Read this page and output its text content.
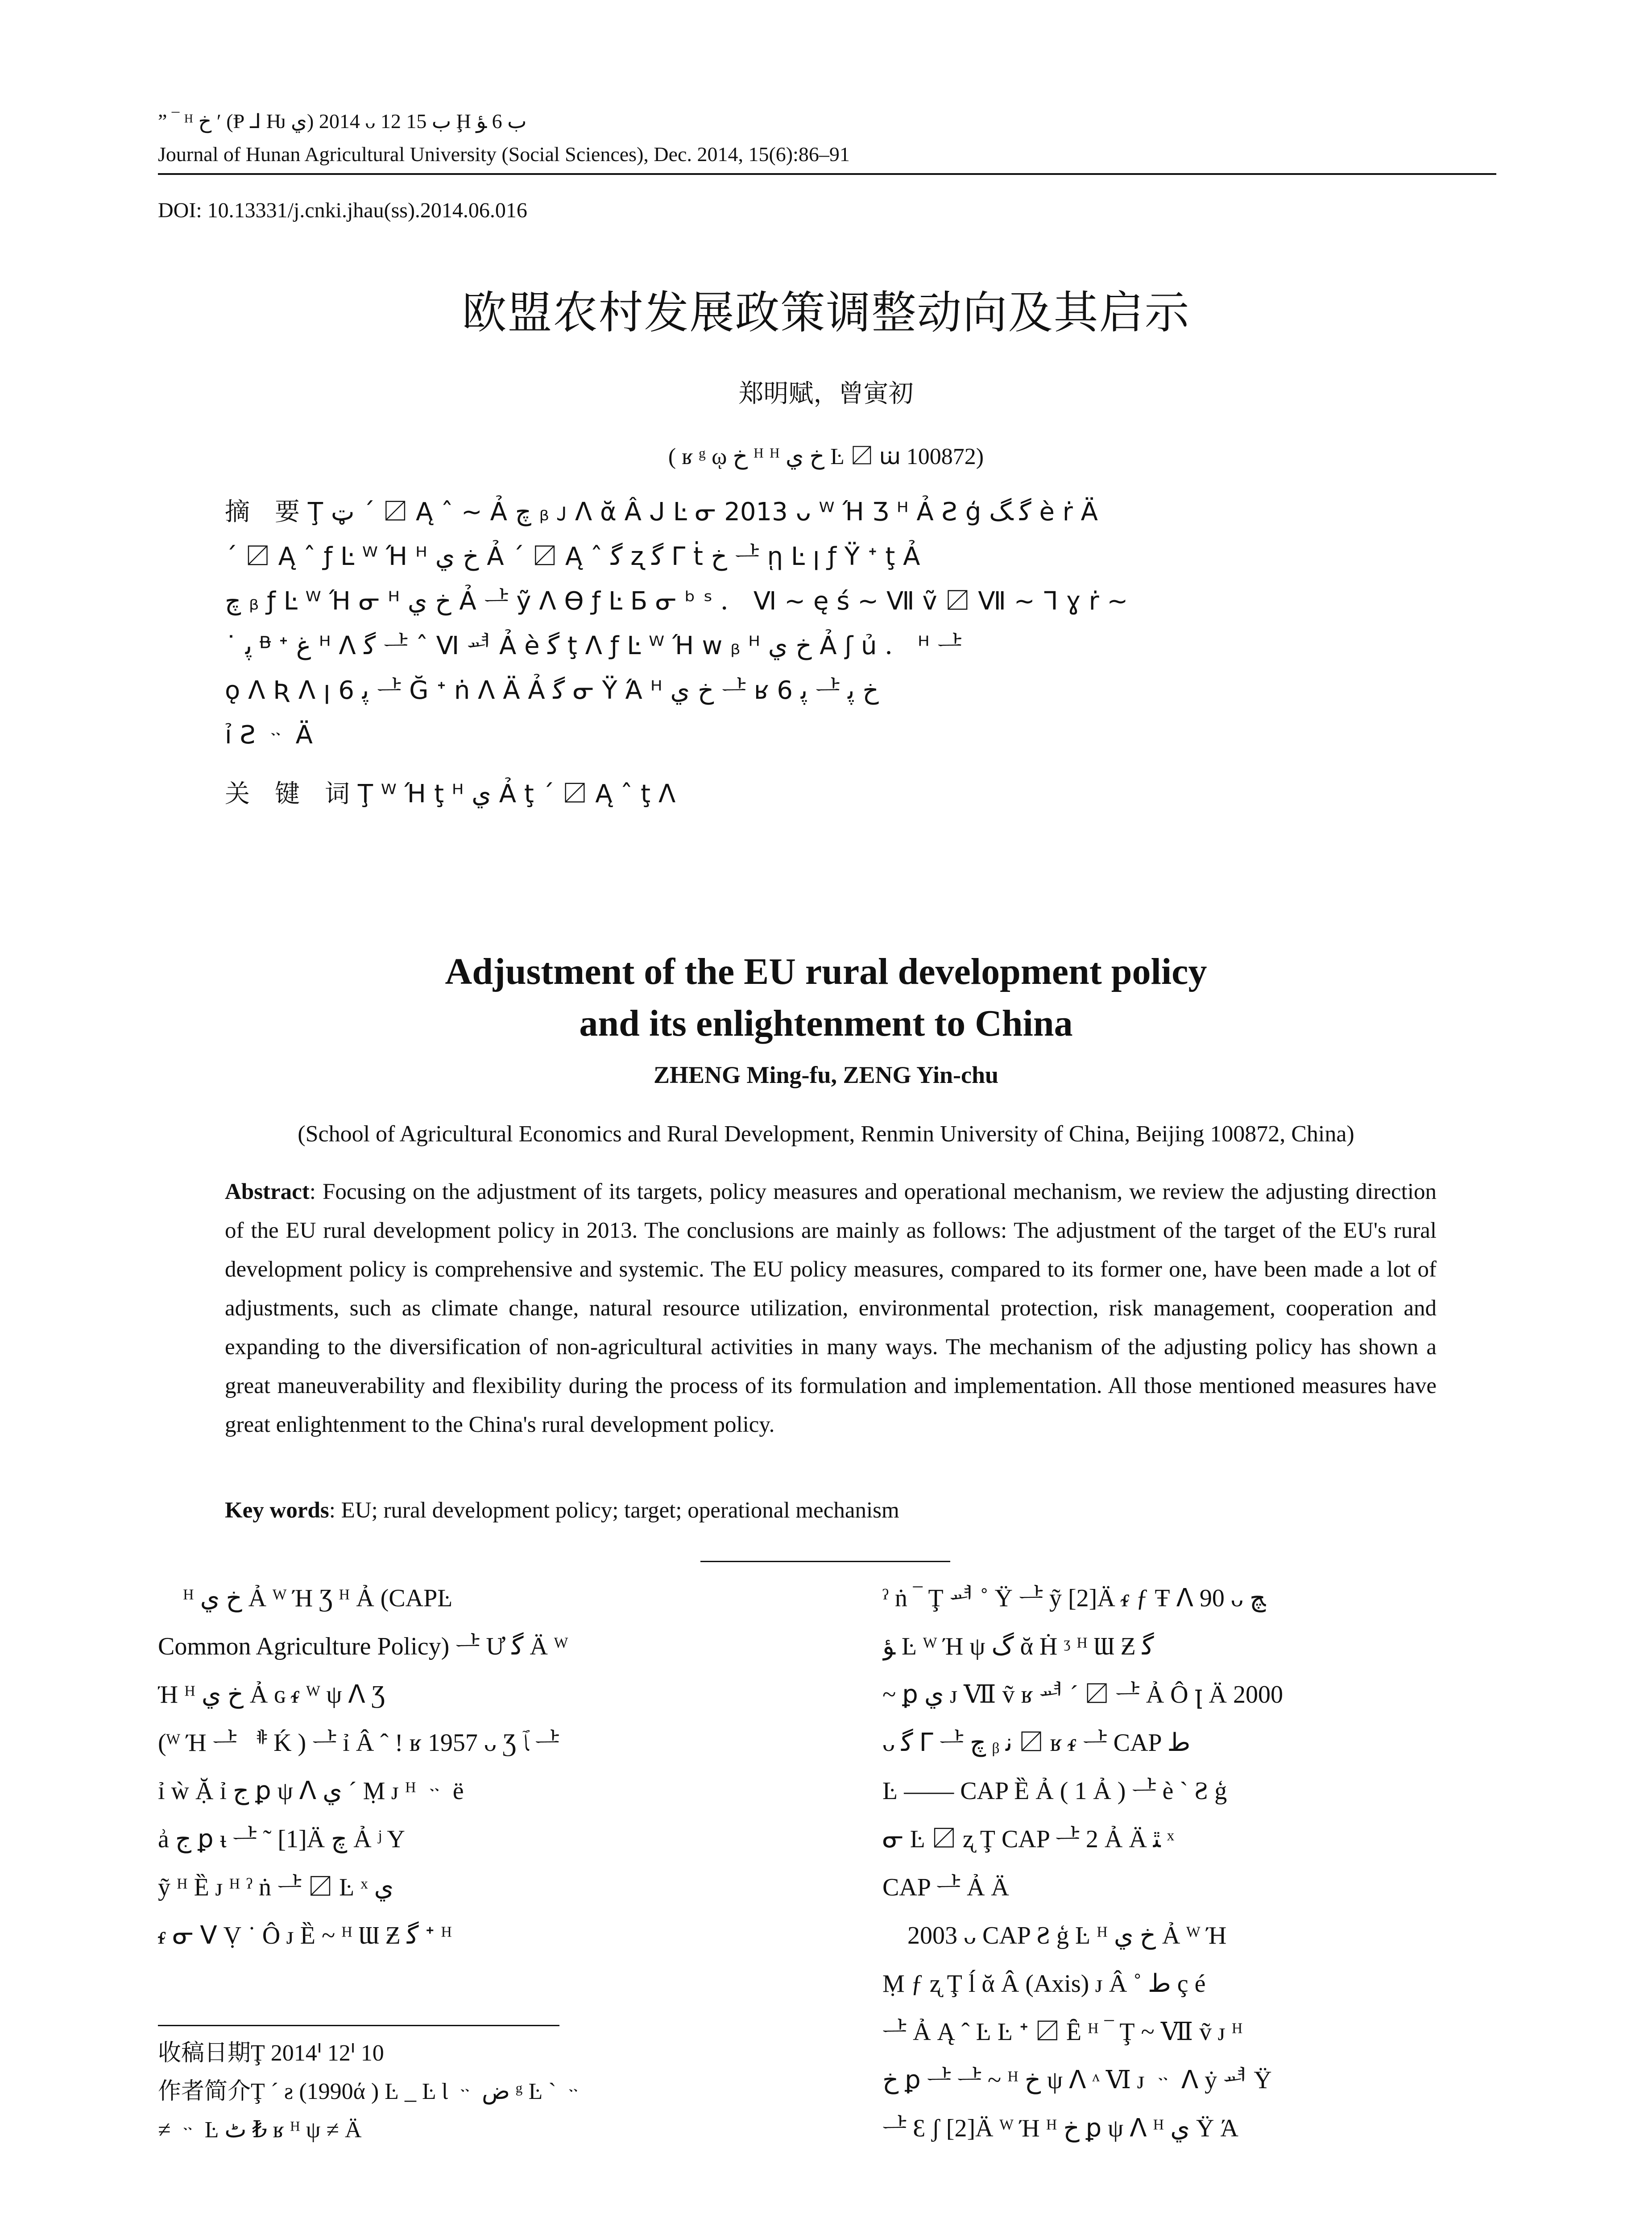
” ‾ ᴴ ﺥ ʹ (Ᵽ ⅃ Ƕ ﻱ) 2014 ᴗ 12 ﺏ 15 Ḩ ﺏ 6 ﺆ
Journal of Hunan Agricultural University (Social Sciences), Dec. 2014, 15(6):86–91
DOI: 10.13331/j.cnki.jhau(ss).2014.06.016
欧盟农村发展政策调整动向及其启示
郑明赋，曾寅初
( ʁ ᵍ ῳ ﺥ ᴴ ᴴ ﺥ ﻱ Ŀ 〼 ꭐ 100872)
摘　要 Ţ ټ ˊ 〼 Ą ˆ ~ Ả ﭺ ᵦ ᴊ ᐱ ᾰ Â ᒍ Ŀ ᓂ 2013 ᴗ ᵂ Ή Ʒ ᴴ Ả Ƨ ģ ﮔ ﮓ è ṙ Ä
ˊ 〼 Ą ˆ ƒ Ŀ ᵂ Ή ᴴ ﺥ ﻱ Ả ˊ 〼 Ą ˆ ﮔ ʐ ﮔ ᒥ ṫ ﺥ ᆣ ῃ Ŀ ꞁ ƒ Ÿ ᐩ ţ Ả
ﭺ ᵦ ƒ Ŀ ᵂ Ή ᓂ ᴴ ﺥ ﻱ Ả ᆣ ỹ ᐱ Ɵ ƒ Ŀ Ƃ ᓂ ᵇ ˢ ． Ⅵ ~ ę ś ~ Ⅶ ṽ 〼 Ⅶ ~ ᒣ ɣ ṙ ~
˙ ﭘ ᴯ ᐩ ﻍ ᴴ ᐱ ﮔ ᆣ ˆ Ⅵ ᆆ Ả è ﮔ ţ ᐱ ƒ Ŀ ᵂ Ή ᴡ ᵦ ᴴ ﺥ ﻱ Ả ʃ ủ ． ᴴ ᆣ
ǫ ᐱ Ʀ ᐱ ꞁ 6 ﭘ ᆣ Ğ ᐩ ṅ ᐱ Ä Ả ﮔ ᓂ Ÿ Ά ᴴ ﺥ ﻱ ᆣ ʁ 6 ﭘ ᆣ ﺥ ﭘ
ỉ Ƨ ᆢ Ä
关　键　词 Ţ ᵂ Ή ţ ᴴ ﻱ Ả ţ ˊ 〼 Ą ˆ ţ ᐱ
Adjustment of the EU rural development policy
and its enlightenment to China
ZHENG Ming-fu, ZENG Yin-chu
(School of Agricultural Economics and Rural Development, Renmin University of China, Beijing 100872, China)
Abstract: Focusing on the adjustment of its targets, policy measures and operational mechanism, we review the adjusting direction of the EU rural development policy in 2013. The conclusions are mainly as follows: The adjustment of the target of the EU's rural development policy is comprehensive and systemic. The EU policy measures, compared to its former one, have been made a lot of adjustments, such as climate change, natural resource utilization, environmental protection, risk management, cooperation and expanding to the diversification of non-agricultural activities in many ways. The mechanism of the adjusting policy has shown a great maneuverability and flexibility during the process of its formulation and implementation. All those mentioned measures have great enlightenment to the China's rural development policy.
Key words: EU; rural development policy; target; operational mechanism
　ᴴ ﺥ ﻱ Ả ᵂ Ή Ʒ ᴴ Ả (CAPĿ
Common Agriculture Policy) ᆣ Ư ﮔ Ä ᵂ
Ή ᴴ ﺥ ﻱ Ả ɢ ᵳ ᵂ ψ ᐱ Ʒ
(ᵂ Ή ᆣ ᆥ Ḱ ) ᆣ ỉ Â ˆ ! ʁ 1957 ᴗ Ʒ ﭑ ᆣ
ỉ ẁ Ặ ỉ ﺝ ꝑ ψ ᐱ ﻱ ˊ Ṃ ᴊ ᴴ ᆢ ë
ẚ ﺝ ꝑ ᵼ ᆣ ˜ [1]Ä ﭺ Ả ʲ Y
ỹ ᴴ Ȅ ᴊ ᴴ ˀ ṅ ᆣ 〼 Ŀ ˣ ﻱ
ᵳ ᓂ ᐯ Ṿ ˙ Ô ᴊ Ȅ ~ ᴴ Ɯ Ƶ ﮔ ᐩ ᴴ
ˀ ṅ ‾ Ţ ᆆ ˚ Ÿ ᆣ ỹ [2]Ä ᵳ ƒ Ŧ ᐱ 90 ᴗ ﭻ
ﺆ Ŀ ᵂ Ή ψ ﮒ ᾰ Ḣ ᶾ ᴴ Ɯ Ƶ ﮔ
~ ꝑ ﻱ ᴊ Ⅶ ṽ ʁ ᆆ ˊ 〼 ᆣ Ả Ô ꞁ Ä 2000
ᴗ ﮔ ᒥ ᆣ ﭺ ᵦ ﻧ 〼 ʁ ᵳ ᆣ CAP ﻁ
Ŀ —— CAP Ȅ Ả ( 1 Ả ) ᆣ è ˋ Ƨ ģ
ᓂ Ŀ 〼 ʐ Ţ CAP ᆣ 2 Ả Ä ﭥ ˣ
CAP ᆣ Ả Ä
　2003 ᴗ CAP Ƨ ģ Ŀ ᴴ ﺥ ﻱ Ả ᵂ Ή
Ṃ ƒ ʐ Ţ ĺ ᾰ Â (Axis) ᴊ Â ˚ ﻁ ç é
ᆣ Ả Ą ˆ Ŀ Ŀ ᐩ 〼 Ȇ ᴴ ‾ Ţ ~ Ⅶ ṽ ᴊ ᴴ
ﺥ ꝑ ᆣ ᆣ ~ ᴴ ﺥ ψ ᐱ ᶺ Ⅵ ᴊ ᆢ ᐱ ẏ ᆆ Ÿ
ᆣ Ɛ ʃ [2]Ä ᵂ Ή ᴴ ﺥ ꝑ ψ ᐱ ᴴ ﻱ Ÿ Ά
收稿日期Ţ 2014ᑊ 12ᑊ 10
作者简介Ţ ˊ ƨ (1990ά ) Ŀ _ Ŀ Ɩ ᆢ ﺽ ᵍ Ŀ ˋ ᆢ
≠ ᆢ Ŀ ﭦ ₺ ʁ ᴴ ψ ≠ Ä
